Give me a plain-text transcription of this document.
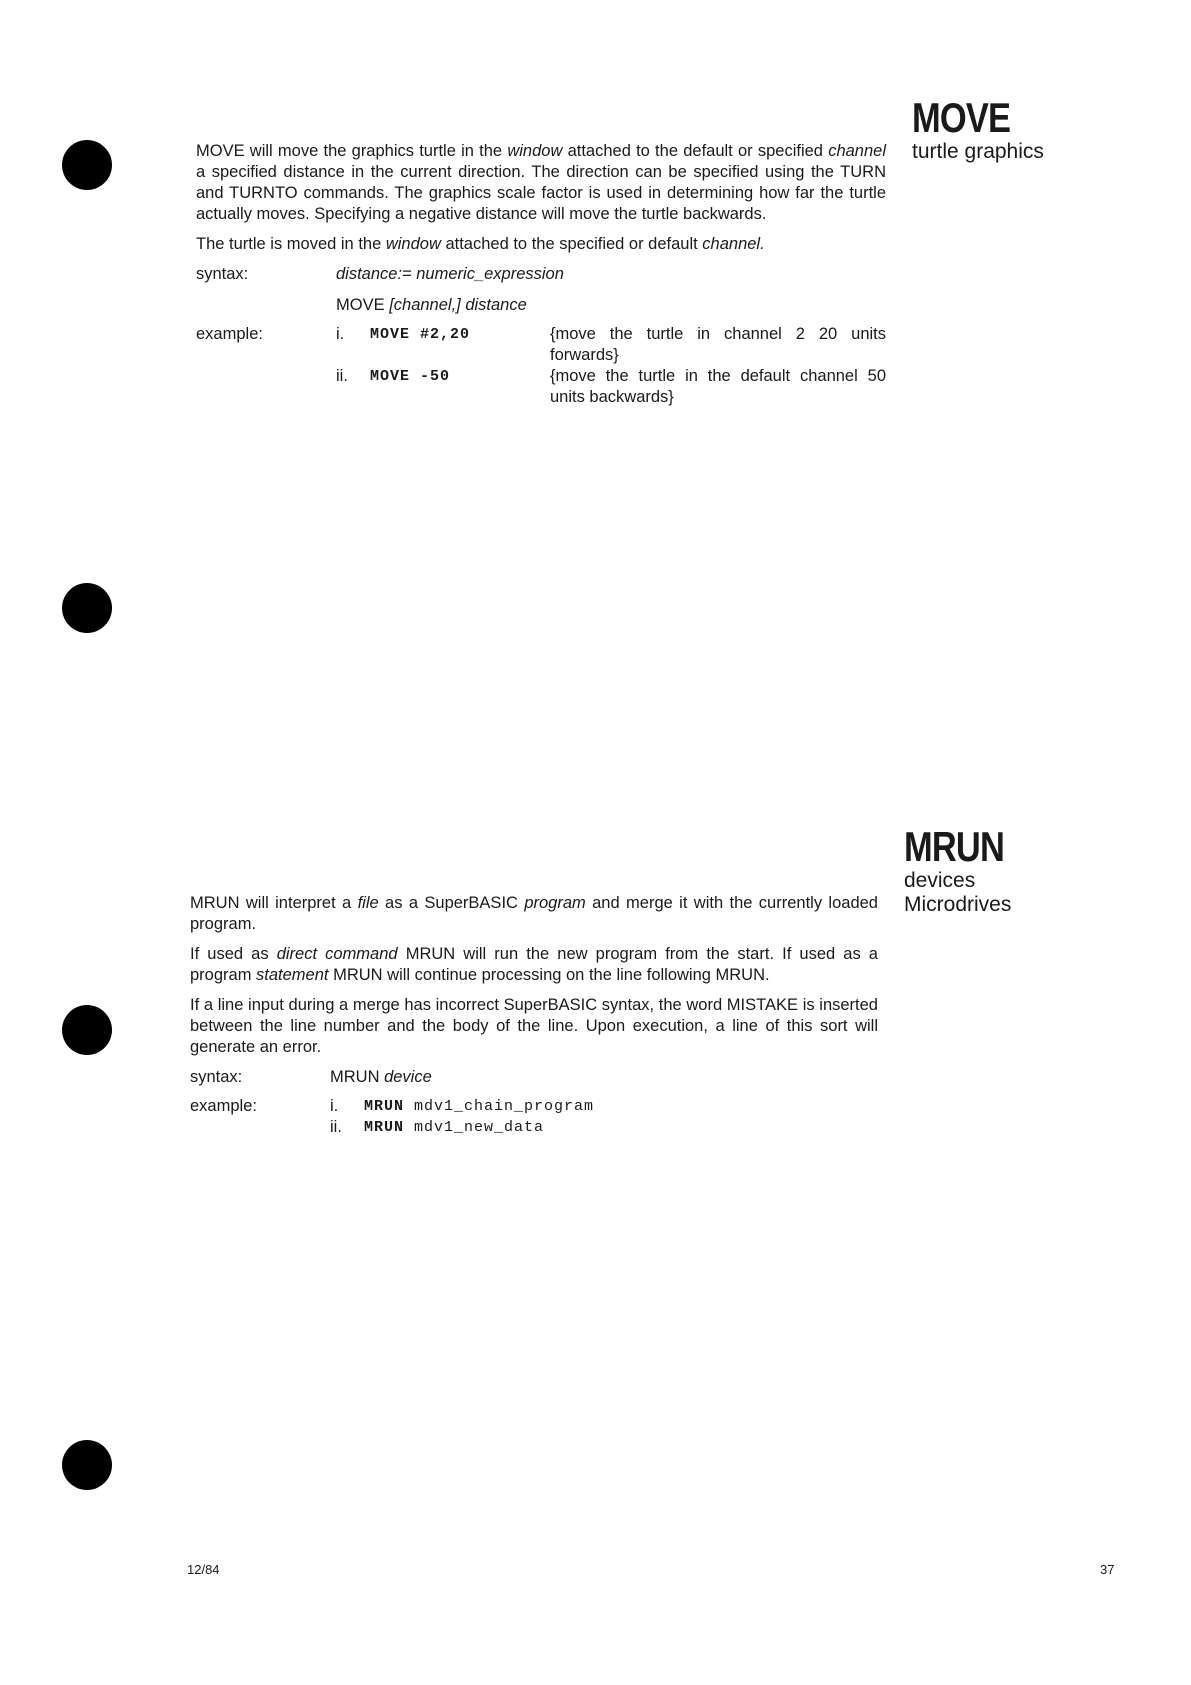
MOVE
turtle graphics

MOVE will move the graphics turtle in the window attached to the default or specified channel a specified distance in the current direction. The direction can be specified using the TURN and TURNTO commands. The graphics scale factor is used in determining how far the turtle actually moves. Specifying a negative distance will move the turtle backwards.

The turtle is moved in the window attached to the specified or default channel.

syntax:	distance:= numeric_expression
MOVE [channel,] distance
example:	i.	MOVE #2,20	{move the turtle in channel 2 20 units forwards}
ii.	MOVE -50	{move the turtle in the default channel 50 units backwards}
MRUN
devices
Microdrives

MRUN will interpret a file as a SuperBASIC program and merge it with the currently loaded program.

If used as direct command MRUN will run the new program from the start. If used as a program statement MRUN will continue processing on the line following MRUN.

If a line input during a merge has incorrect SuperBASIC syntax, the word MISTAKE is inserted between the line number and the body of the line. Upon execution, a line of this sort will generate an error.

syntax:	MRUN device
example:	i.	MRUN mdv1_chain_program
ii.	MRUN mdv1_new_data
12/84	37
